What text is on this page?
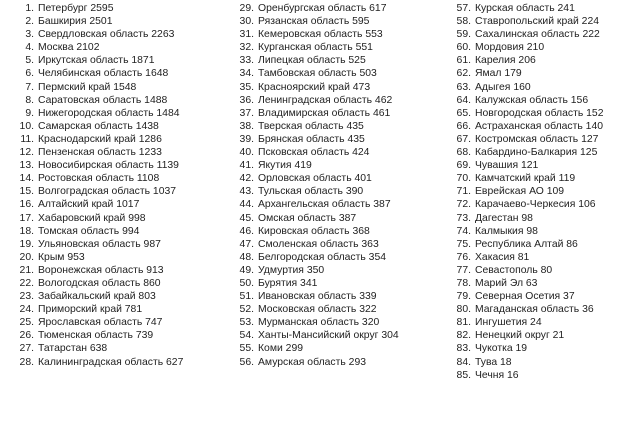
1. Петербург 2595
2. Башкирия 2501
3. Свердловская область 2263
4. Москва 2102
5. Иркутская область 1871
6. Челябинская область 1648
7. Пермский край 1548
8. Саратовская область 1488
9. Нижегородская область 1484
10. Самарская область 1438
11. Краснодарский край 1286
12. Пензенская область 1233
13. Новосибирская область 1139
14. Ростовская область 1108
15. Волгоградская область 1037
16. Алтайский край 1017
17. Хабаровский край 998
18. Томская область 994
19. Ульяновская область 987
20. Крым 953
21. Воронежская область 913
22. Вологодская область 860
23. Забайкальский край 803
24. Приморский край 781
25. Ярославская область 747
26. Тюменская область 739
27. Татарстан 638
28. Калининградская область 627
29. Оренбургская область 617
30. Рязанская область 595
31. Кемеровская область 553
32. Курганская область 551
33. Липецкая область 525
34. Тамбовская область 503
35. Красноярский край 473
36. Ленинградская область 462
37. Владимирская область 461
38. Тверская область 435
39. Брянская область 435
40. Псковская область 424
41. Якутия 419
42. Орловская область 401
43. Тульская область 390
44. Архангельская область 387
45. Омская область 387
46. Кировская область 368
47. Смоленская область 363
48. Белгородская область 354
49. Удмуртия 350
50. Бурятия 341
51. Ивановская область 339
52. Московская область 322
53. Мурманская область 320
54. Ханты-Мансийский округ 304
55. Коми 299
56. Амурская область 293
57. Курская область 241
58. Ставропольский край 224
59. Сахалинская область 222
60. Мордовия 210
61. Карелия 206
62. Ямал 179
63. Адыгея 160
64. Калужская область 156
65. Новгородская область 152
66. Астраханская область 140
67. Костромская область 127
68. Кабардино-Балкария 125
69. Чувашия 121
70. Камчатский край 119
71. Еврейская АО 109
72. Карачаево-Черкесия 106
73. Дагестан 98
74. Калмыкия 98
75. Республика Алтай 86
76. Хакасия 81
77. Севастополь 80
78. Марий Эл 63
79. Северная Осетия 37
80. Магаданская область 36
81. Ингушетия 24
82. Ненецкий округ 21
83. Чукотка 19
84. Тува 18
85. Чечня 16
